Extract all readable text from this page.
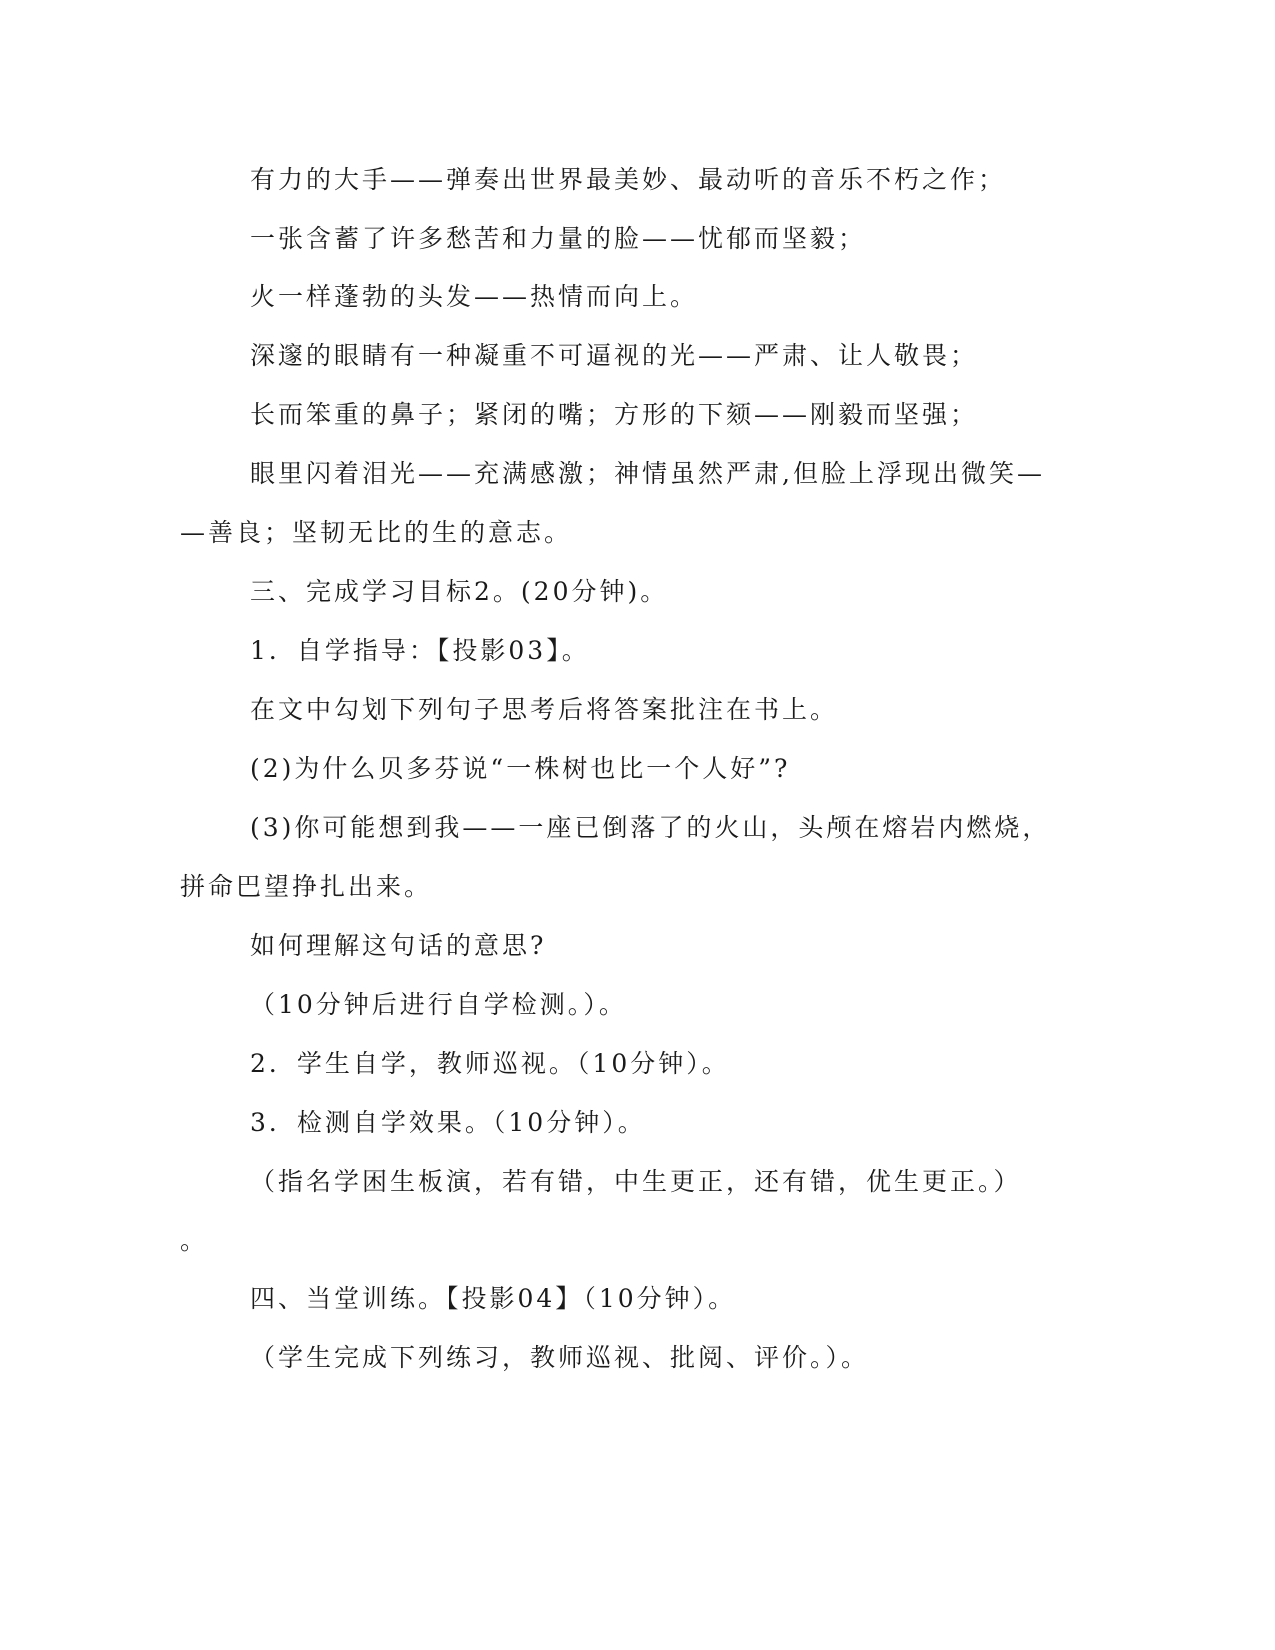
有力的大手——弹奏出世界最美妙、最动听的音乐不朽之作；

一张含蓄了许多愁苦和力量的脸——忧郁而坚毅；

火一样蓬勃的头发——热情而向上。

深邃的眼睛有一种凝重不可逼视的光——严肃、让人敬畏；

长而笨重的鼻子；紧闭的嘴；方形的下颏——刚毅而坚强；

眼里闪着泪光——充满感激；神情虽然严肃,但脸上浮现出微笑—

—善良；坚韧无比的生的意志。

三、完成学习目标2。(20分钟)。

1．自学指导：【投影03】。

在文中勾划下列句子思考后将答案批注在书上。

(2)为什么贝多芬说“一株树也比一个人好”?

(3)你可能想到我——一座已倒落了的火山，头颅在熔岩内燃烧，

拼命巴望挣扎出来。

如何理解这句话的意思?

（10分钟后进行自学检测。）。

2．学生自学，教师巡视。（10分钟）。

3．检测自学效果。（10分钟）。

（指名学困生板演，若有错，中生更正，还有错，优生更正。）

。

四、当堂训练。【投影04】（10分钟）。

（学生完成下列练习，教师巡视、批阅、评价。）。
